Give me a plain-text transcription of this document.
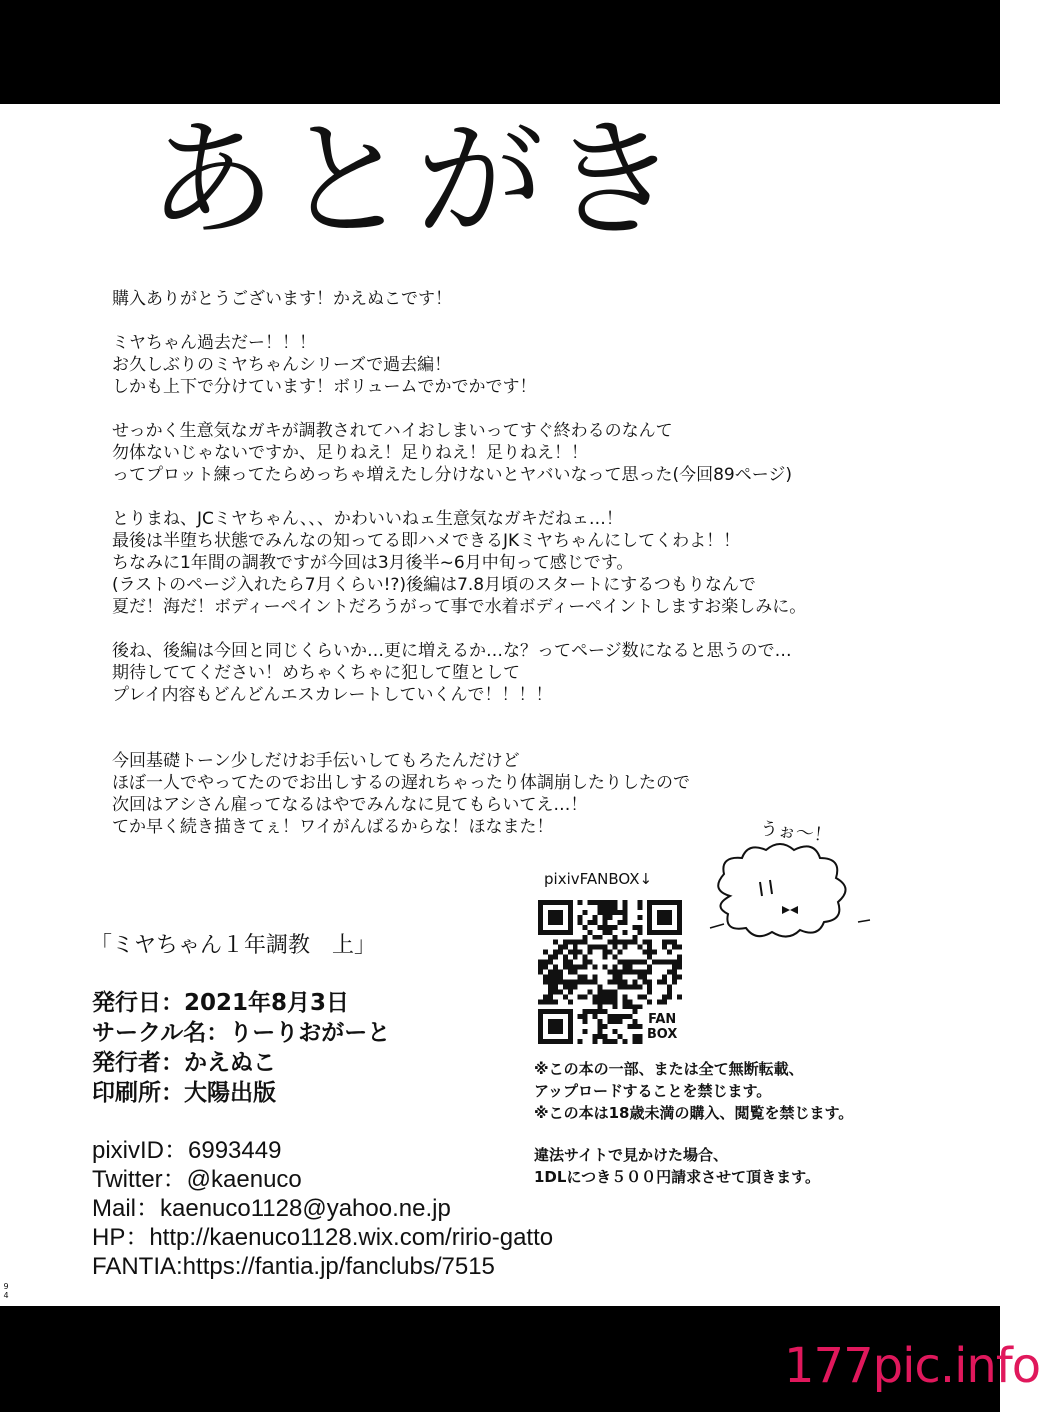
あとがき
購入ありがとうございます！かえぬこです！
ミヤちゃん過去だー！！！
お久しぶりのミヤちゃんシリーズで過去編！
しかも上下で分けています！ボリュームでかでかです！
せっかく生意気なガキが調教されてハイおしまいってすぐ終わるのなんて
勿体ないじゃないですか、足りねえ！足りねえ！足りねえ！！
ってプロット練ってたらめっちゃ増えたし分けないとヤバいなって思った(今回89ページ)
とりまね、JCミヤちゃん、、、かわいいねェ生意気なガキだねェ…！
最後は半堕ち状態でみんなの知ってる即ハメできるJKミヤちゃんにしてくわよ！！
ちなみに1年間の調教ですが今回は3月後半~6月中旬って感じです。
(ラストのページ入れたら7月くらい!?)後編は7.8月頃のスタートにするつもりなんで
夏だ！海だ！ボディーペイントだろうがって事で水着ボディーペイントしますお楽しみに。
後ね、後編は今回と同じくらいか…更に増えるか…な？ってページ数になると思うので…
期待しててください！めちゃくちゃに犯して堕として
プレイ内容もどんどんエスカレートしていくんで！！！！
今回基礎トーン少しだけお手伝いしてもろたんだけど
ほぼ一人でやってたのでお出しするの遅れちゃったり体調崩したりしたので
次回はアシさん雇ってなるはやでみんなに見てもらいてえ…！
てか早く続き描きてぇ！ワイがんばるからな！ほなまた！	うぉ〜！
pixivFANBOX↓
FAN
BOX
「ミヤちゃん１年調教　上」
発行日：2021年8月3日
サークル名：りーりおがーと
発行者：かえぬこ
印刷所：大陽出版
pixivID：6993449
Twitter：@kaenuco
Mail：kaenuco1128@yahoo.ne.jp
HP：http://kaenuco1128.wix.com/ririo-gatto
FANTIA:https://fantia.jp/fanclubs/7515
※この本の一部、または全て無断転載、
アップロードすることを禁じます。
※この本は18歳未満の購入、閲覧を禁じます。
違法サイトで見かけた場合、
1DLにつき５００円請求させて頂きます。
9
4
177pic.info
